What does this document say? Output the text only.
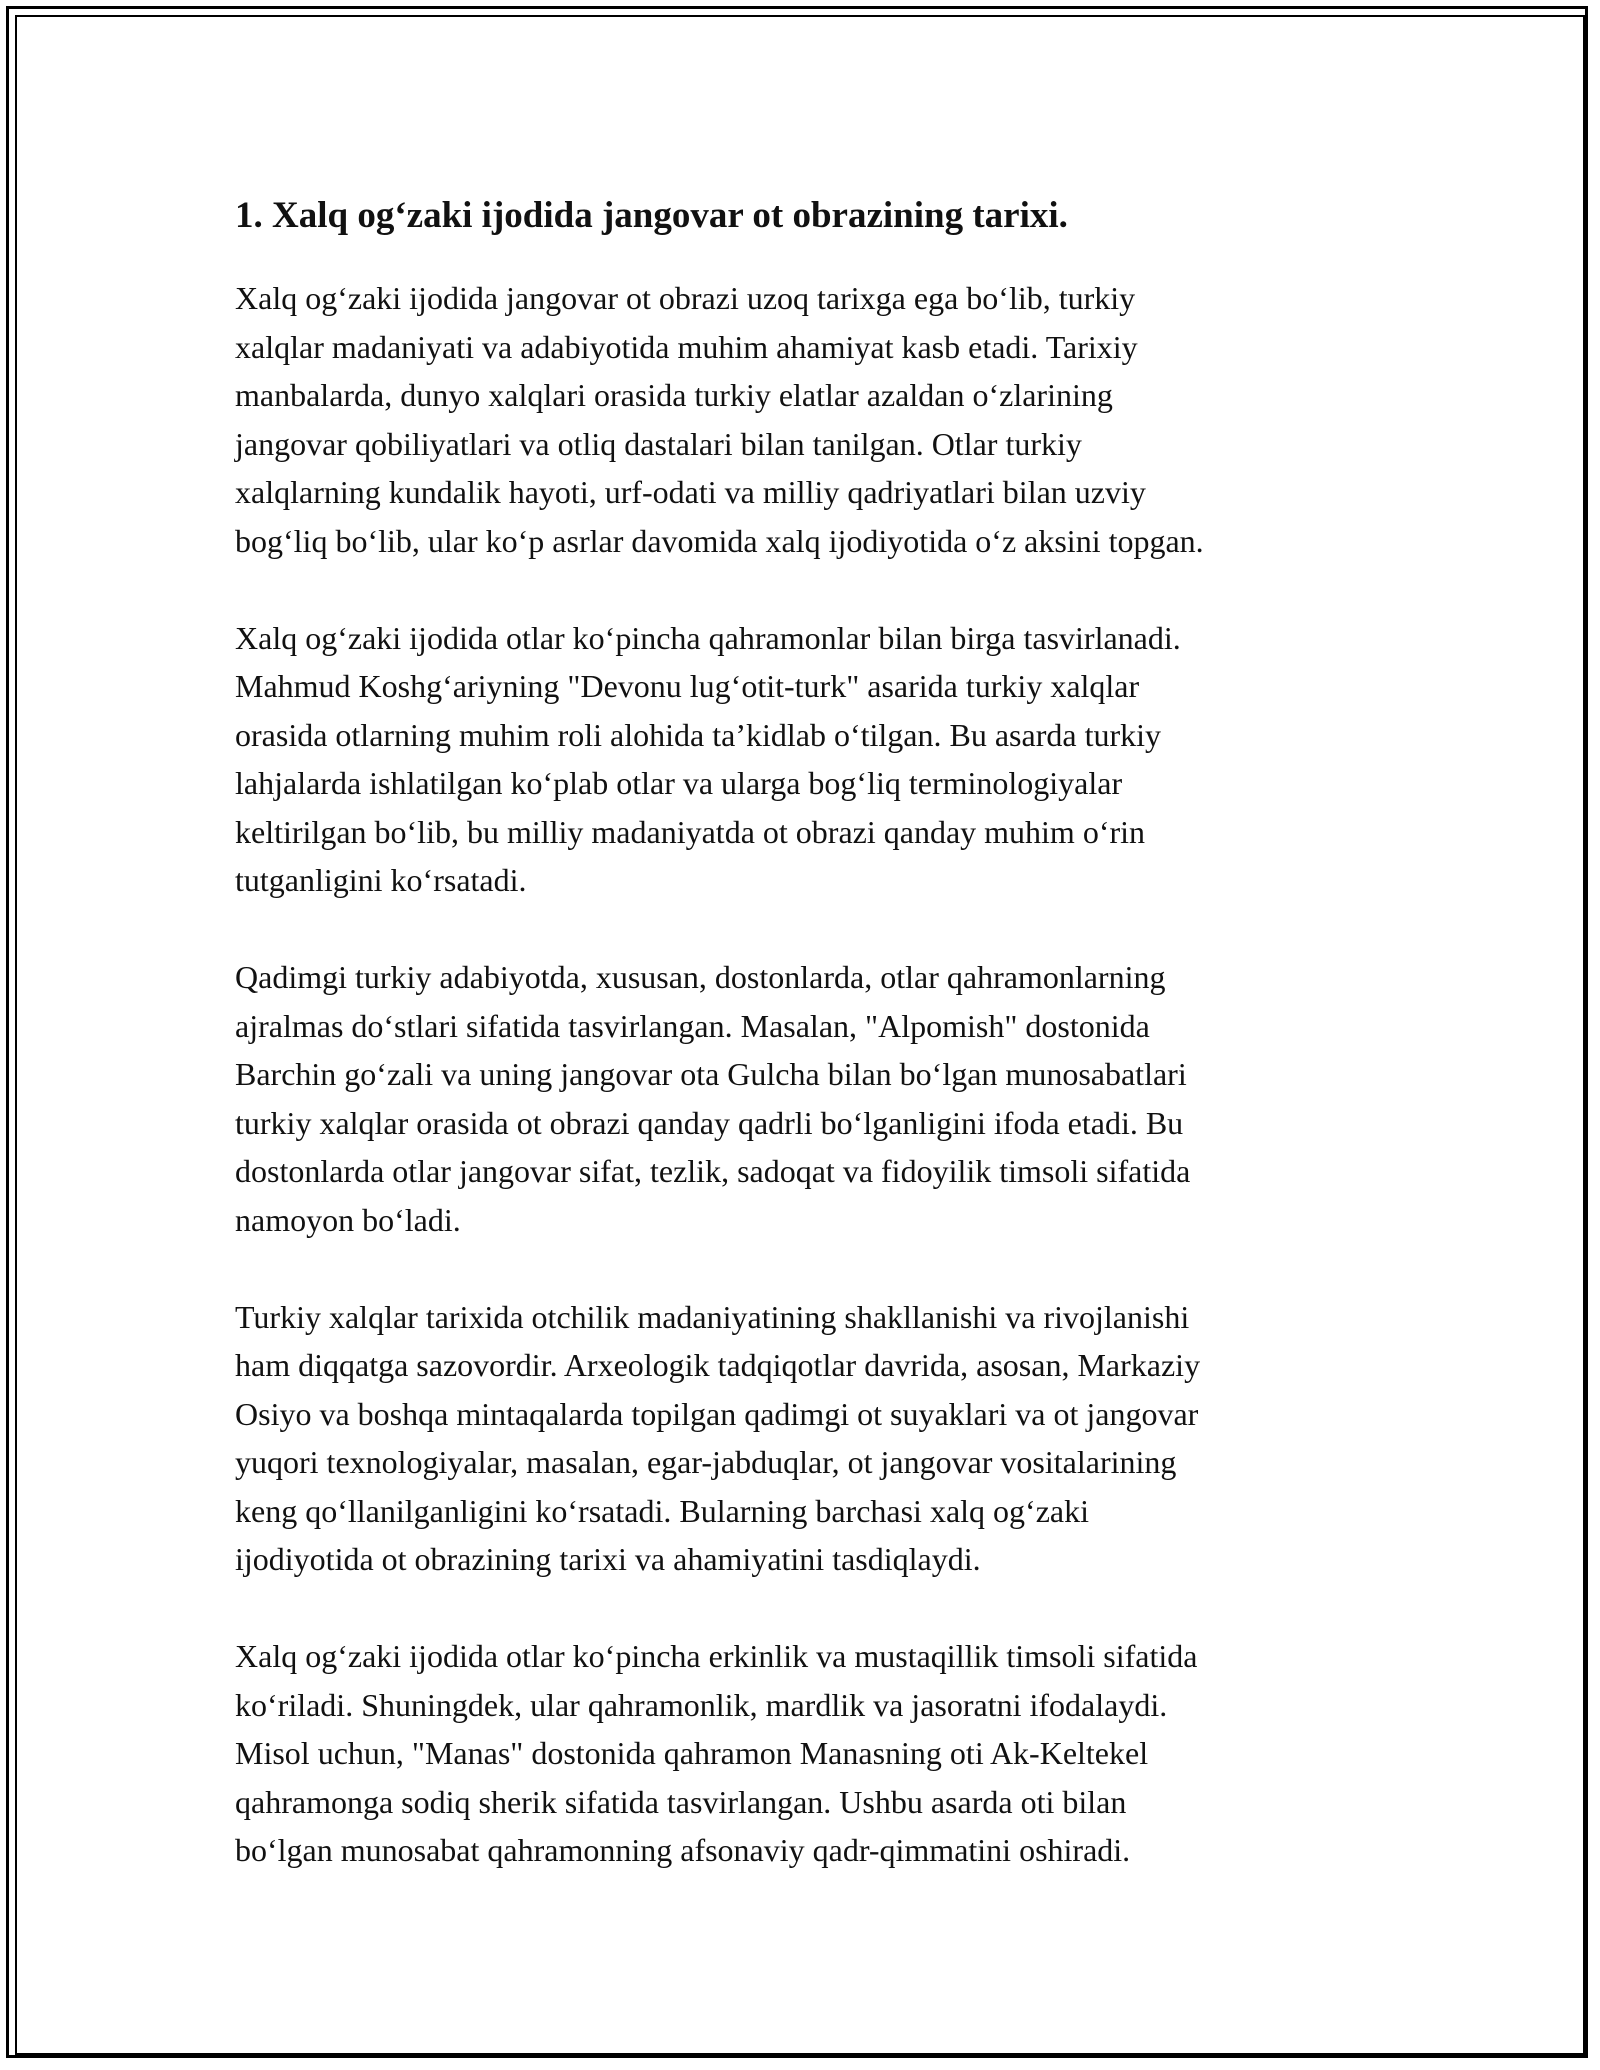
1. Xalq og‘zaki ijodida jangovar ot obrazining tarixi.

Xalq og‘zaki ijodida jangovar ot obrazi uzoq tarixga ega bo‘lib, turkiy
xalqlar madaniyati va adabiyotida muhim ahamiyat kasb etadi. Tarixiy
manbalarda, dunyo xalqlari orasida turkiy elatlar azaldan o‘zlarining
jangovar qobiliyatlari va otliq dastalari bilan tanilgan. Otlar turkiy
xalqlarning kundalik hayoti, urf-odati va milliy qadriyatlari bilan uzviy
bog‘liq bo‘lib, ular ko‘p asrlar davomida xalq ijodiyotida o‘z aksini topgan.

Xalq og‘zaki ijodida otlar ko‘pincha qahramonlar bilan birga tasvirlanadi.
Mahmud Koshg‘ariyning "Devonu lug‘otit-turk" asarida turkiy xalqlar
orasida otlarning muhim roli alohida ta’kidlab o‘tilgan. Bu asarda turkiy
lahjalarda ishlatilgan ko‘plab otlar va ularga bog‘liq terminologiyalar
keltirilgan bo‘lib, bu milliy madaniyatda ot obrazi qanday muhim o‘rin
tutganligini ko‘rsatadi.

Qadimgi turkiy adabiyotda, xususan, dostonlarda, otlar qahramonlarning
ajralmas do‘stlari sifatida tasvirlangan. Masalan, "Alpomish" dostonida
Barchin go‘zali va uning jangovar ota Gulcha bilan bo‘lgan munosabatlari
turkiy xalqlar orasida ot obrazi qanday qadrli bo‘lganligini ifoda etadi. Bu
dostonlarda otlar jangovar sifat, tezlik, sadoqat va fidoyilik timsoli sifatida
namoyon bo‘ladi.

Turkiy xalqlar tarixida otchilik madaniyatining shakllanishi va rivojlanishi
ham diqqatga sazovordir. Arxeologik tadqiqotlar davrida, asosan, Markaziy
Osiyo va boshqa mintaqalarda topilgan qadimgi ot suyaklari va ot jangovar
yuqori texnologiyalar, masalan, egar-jabduqlar, ot jangovar vositalarining
keng qo‘llanilganligini ko‘rsatadi. Bularning barchasi xalq og‘zaki
ijodiyotida ot obrazining tarixi va ahamiyatini tasdiqlaydi.

Xalq og‘zaki ijodida otlar ko‘pincha erkinlik va mustaqillik timsoli sifatida
ko‘riladi. Shuningdek, ular qahramonlik, mardlik va jasoratni ifodalaydi.
Misol uchun, "Manas" dostonida qahramon Manasning oti Ak-Keltekel
qahramonga sodiq sherik sifatida tasvirlangan. Ushbu asarda oti bilan
bo‘lgan munosabat qahramonning afsonaviy qadr-qimmatini oshiradi.
